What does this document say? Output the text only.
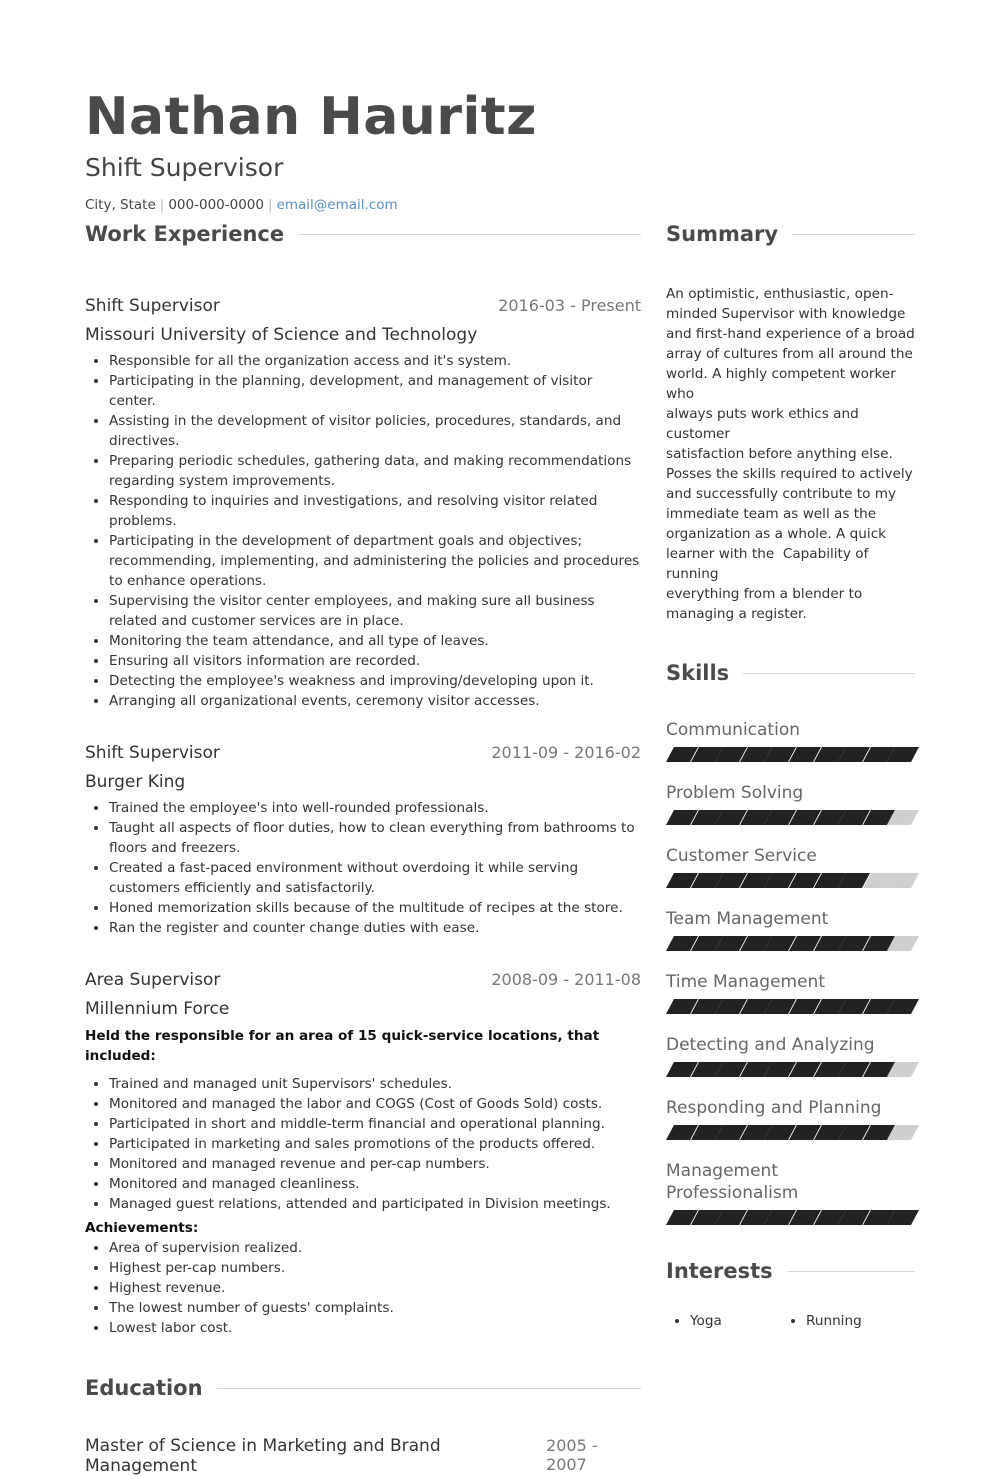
Nathan Hauritz
Shift Supervisor
City, State | 000-000-0000 | email@email.com
Work Experience
Shift Supervisor	2016-03 - Present
Missouri University of Science and Technology
• Responsible for all the organization access and it's system.
• Participating in the planning, development, and management of visitor center.
• Assisting in the development of visitor policies, procedures, standards, and directives.
• Preparing periodic schedules, gathering data, and making recommendations regarding system improvements.
• Responding to inquiries and investigations, and resolving visitor related problems.
• Participating in the development of department goals and objectives; recommending, implementing, and administering the policies and procedures to enhance operations.
• Supervising the visitor center employees, and making sure all business related and customer services are in place.
• Monitoring the team attendance, and all type of leaves.
• Ensuring all visitors information are recorded.
• Detecting the employee's weakness and improving/developing upon it.
• Arranging all organizational events, ceremony visitor accesses.
Shift Supervisor	2011-09 - 2016-02
Burger King
• Trained the employee's into well-rounded professionals.
• Taught all aspects of floor duties, how to clean everything from bathrooms to floors and freezers.
• Created a fast-paced environment without overdoing it while serving customers efficiently and satisfactorily.
• Honed memorization skills because of the multitude of recipes at the store.
• Ran the register and counter change duties with ease.
Area Supervisor	2008-09 - 2011-08
Millennium Force
Held the responsible for an area of 15 quick-service locations, that included:
• Trained and managed unit Supervisors' schedules.
• Monitored and managed the labor and COGS (Cost of Goods Sold) costs.
• Participated in short and middle-term financial and operational planning.
• Participated in marketing and sales promotions of the products offered.
• Monitored and managed revenue and per-cap numbers.
• Monitored and managed cleanliness.
• Managed guest relations, attended and participated in Division meetings.
Achievements:
• Area of supervision realized.
• Highest per-cap numbers.
• Highest revenue.
• The lowest number of guests' complaints.
• Lowest labor cost.
Education
Master of Science in Marketing and Brand Management
2005 - 2007
Summary
An optimistic, enthusiastic, open-
minded Supervisor with knowledge
and first-hand experience of a broad
array of cultures from all around the
world. A highly competent worker who
always puts work ethics and customer
satisfaction before anything else.
Posses the skills required to actively
and successfully contribute to my
immediate team as well as the
organization as a whole. A quick
learner with the  Capability of running
everything from a blender to
managing a register.
Skills
Communication
Problem Solving
Customer Service
Team Management
Time Management
Detecting and Analyzing
Responding and Planning
Management Professionalism
Interests
• Yoga
•	Running
